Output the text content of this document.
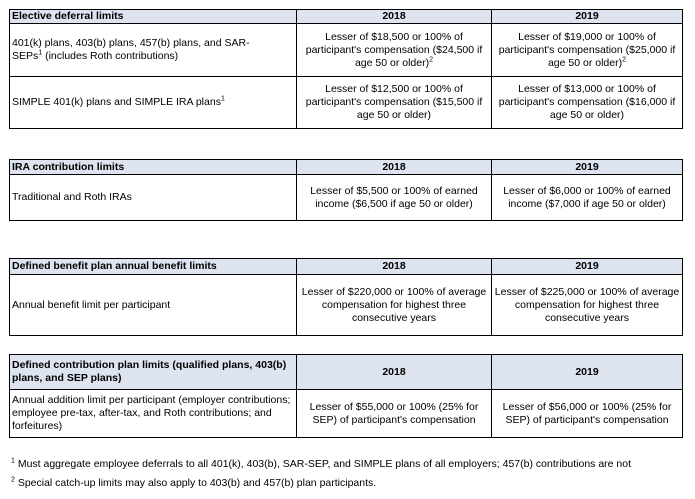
Elective deferral limits	2018	2019
401(k) plans, 403(b) plans, 457(b) plans, and SAR-
SEPs$^1$ (includes Roth contributions)	Lesser of $18,500 or 100% of participant's compensation ($24,500 if age 50 or older)$^2$	Lesser of $19,000 or 100% of participant's compensation ($25,000 if age 50 or older)$^2$
SIMPLE 401(k) plans and SIMPLE IRA plans$^1$	Lesser of $12,500 or 100% of participant's compensation ($15,500 if age 50 or older)	Lesser of $13,000 or 100% of participant's compensation ($16,000 if age 50 or older)
IRA contribution limits	2018	2019
Traditional and Roth IRAs	Lesser of $5,500 or 100% of earned income ($6,500 if age 50 or older)	Lesser of $6,000 or 100% of earned income ($7,000 if age 50 or older)
Defined benefit plan annual benefit limits	2018	2019
Annual benefit limit per participant	Lesser of $220,000 or 100% of average compensation for highest three consecutive years	Lesser of $225,000 or 100% of average compensation for highest three consecutive years
Defined contribution plan limits (qualified plans, 403(b) plans, and SEP plans)	2018	2019
Annual addition limit per participant (employer contributions; employee pre-tax, after-tax, and Roth contributions; and forfeitures)	Lesser of $55,000 or 100% (25% for SEP) of participant's compensation	Lesser of $56,000 or 100% (25% for SEP) of participant's compensation
$^1$ Must aggregate employee deferrals to all 401(k), 403(b), SAR-SEP, and SIMPLE plans of all employers; 457(b) contributions are not
$^2$ Special catch-up limits may also apply to 403(b) and 457(b) plan participants.
